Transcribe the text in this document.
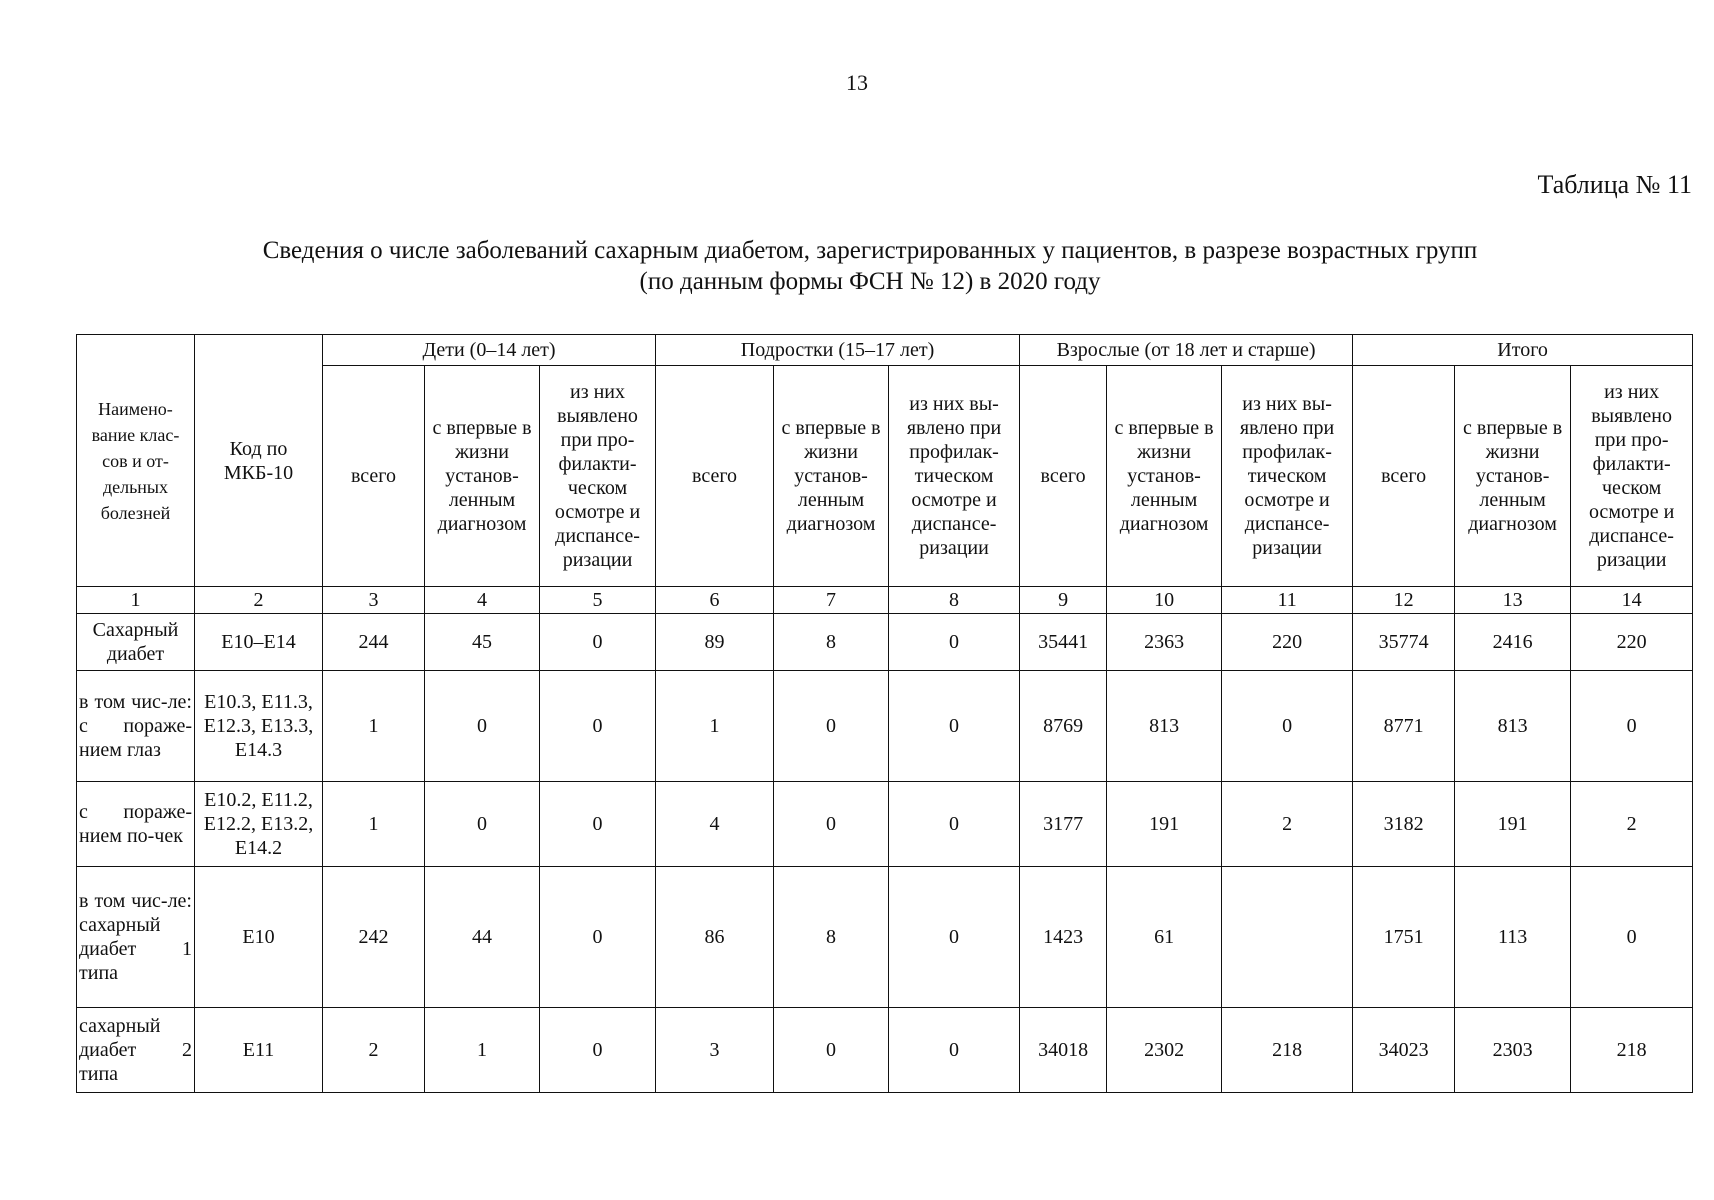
13
Таблица № 11
Сведения о числе заболеваний сахарным диабетом, зарегистрированных у пациентов, в разрезе возрастных групп
(по данным формы ФСН № 12) в 2020 году
Наимено-вание клас-сов и от-дельных болезней	Код по МКБ-10	Дети (0–14 лет)			Подростки (15–17 лет)			Взрослые (от 18 лет и старше)			Итого		
		всего	с впервые в жизни установ-ленным диагнозом	из них выявлено при про-филакти-ческом осмотре и диспансе-ризации	всего	с впервые в жизни установ-ленным диагнозом	из них вы-явлено при профилак-тическом осмотре и диспансе-ризации	всего	с впервые в жизни установ-ленным диагнозом	из них вы-явлено при профилак-тическом осмотре и диспансе-ризации	всего	с впервые в жизни установ-ленным диагнозом	из них выявлено при про-филакти-ческом осмотре и диспансе-ризации
1	2	3	4	5	6	7	8	9	10	11	12	13	14
Сахарный диабет	E10–E14	244	45	0	89	8	0	35441	2363	220	35774	2416	220
в том чис-ле: с пораже-нием глаз	E10.3, E11.3, E12.3, E13.3, E14.3	1	0	0	1	0	0	8769	813	0	8771	813	0
с пораже-нием по-чек	E10.2, E11.2, E12.2, E13.2, E14.2	1	0	0	4	0	0	3177	191	2	3182	191	2
в том чис-ле: сахарный диабет 1 типа	E10	242	44	0	86	8	0	1423	61		1751	113	0
сахарный диабет 2 типа	E11	2	1	0	3	0	0	34018	2302	218	34023	2303	218
